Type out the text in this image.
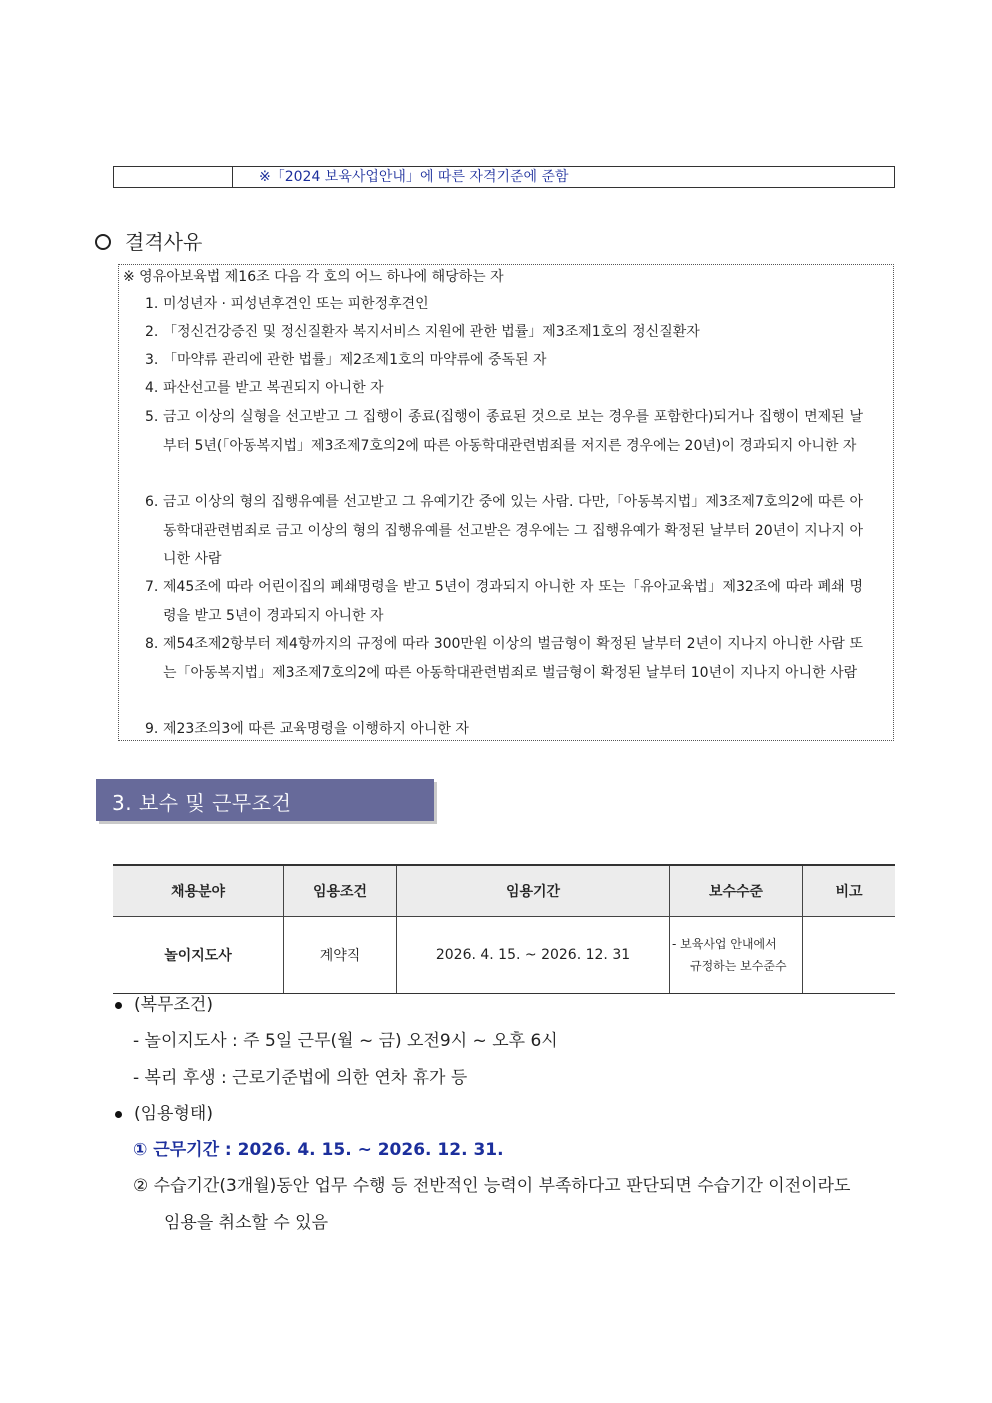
※「2024 보육사업안내」에 따른 자격기준에 준함
결격사유
※ 영유아보육법 제16조 다음 각 호의 어느 하나에 해당하는 자
1. 미성년자 · 피성년후견인 또는 피한정후견인
2. 「정신건강증진 및 정신질환자 복지서비스 지원에 관한 법률」제3조제1호의 정신질환자
3. 「마약류 관리에 관한 법률」제2조제1호의 마약류에 중독된 자
4. 파산선고를 받고 복권되지 아니한 자
5. 금고 이상의 실형을 선고받고 그 집행이 종료(집행이 종료된 것으로 보는 경우를 포함한다)되거나 집행이 면제된 날부터 5년(「아동복지법」제3조제7호의2에 따른 아동학대관련범죄를 저지른 경우에는 20년)이 경과되지 아니한 자
6. 금고 이상의 형의 집행유예를 선고받고 그 유예기간 중에 있는 사람. 다만,「아동복지법」제3조제7호의2에 따른 아동학대관련범죄로 금고 이상의 형의 집행유예를 선고받은 경우에는 그 집행유예가 확정된 날부터 20년이 지나지 아니한 사람
7. 제45조에 따라 어린이집의 폐쇄명령을 받고 5년이 경과되지 아니한 자 또는「유아교육법」제32조에 따라 폐쇄 명령을 받고 5년이 경과되지 아니한 자
8. 제54조제2항부터 제4항까지의 규정에 따라 300만원 이상의 벌금형이 확정된 날부터 2년이 지나지 아니한 사람 또는「아동복지법」제3조제7호의2에 따른 아동학대관련범죄로 벌금형이 확정된 날부터 10년이 지나지 아니한 사람
9. 제23조의3에 따른 교육명령을 이행하지 아니한 자
3. 보수 및 근무조건
채용분야	임용조건	임용기간	보수수준	비고
놀이지도사	계약직	2026. 4. 15. ~ 2026. 12. 31	- 보육사업 안내에서
규정하는 보수준수	

(복무조건)
- 놀이지도사 : 주 5일 근무(월 ~ 금) 오전9시 ~ 오후 6시
- 복리 후생 : 근로기준법에 의한 연차 휴가 등
(임용형태)
① 근무기간 : 2026. 4. 15. ~ 2026. 12. 31.
② 수습기간(3개월)동안 업무 수행 등 전반적인 능력이 부족하다고 판단되면 수습기간 이전이라도
임용을 취소할 수 있음
